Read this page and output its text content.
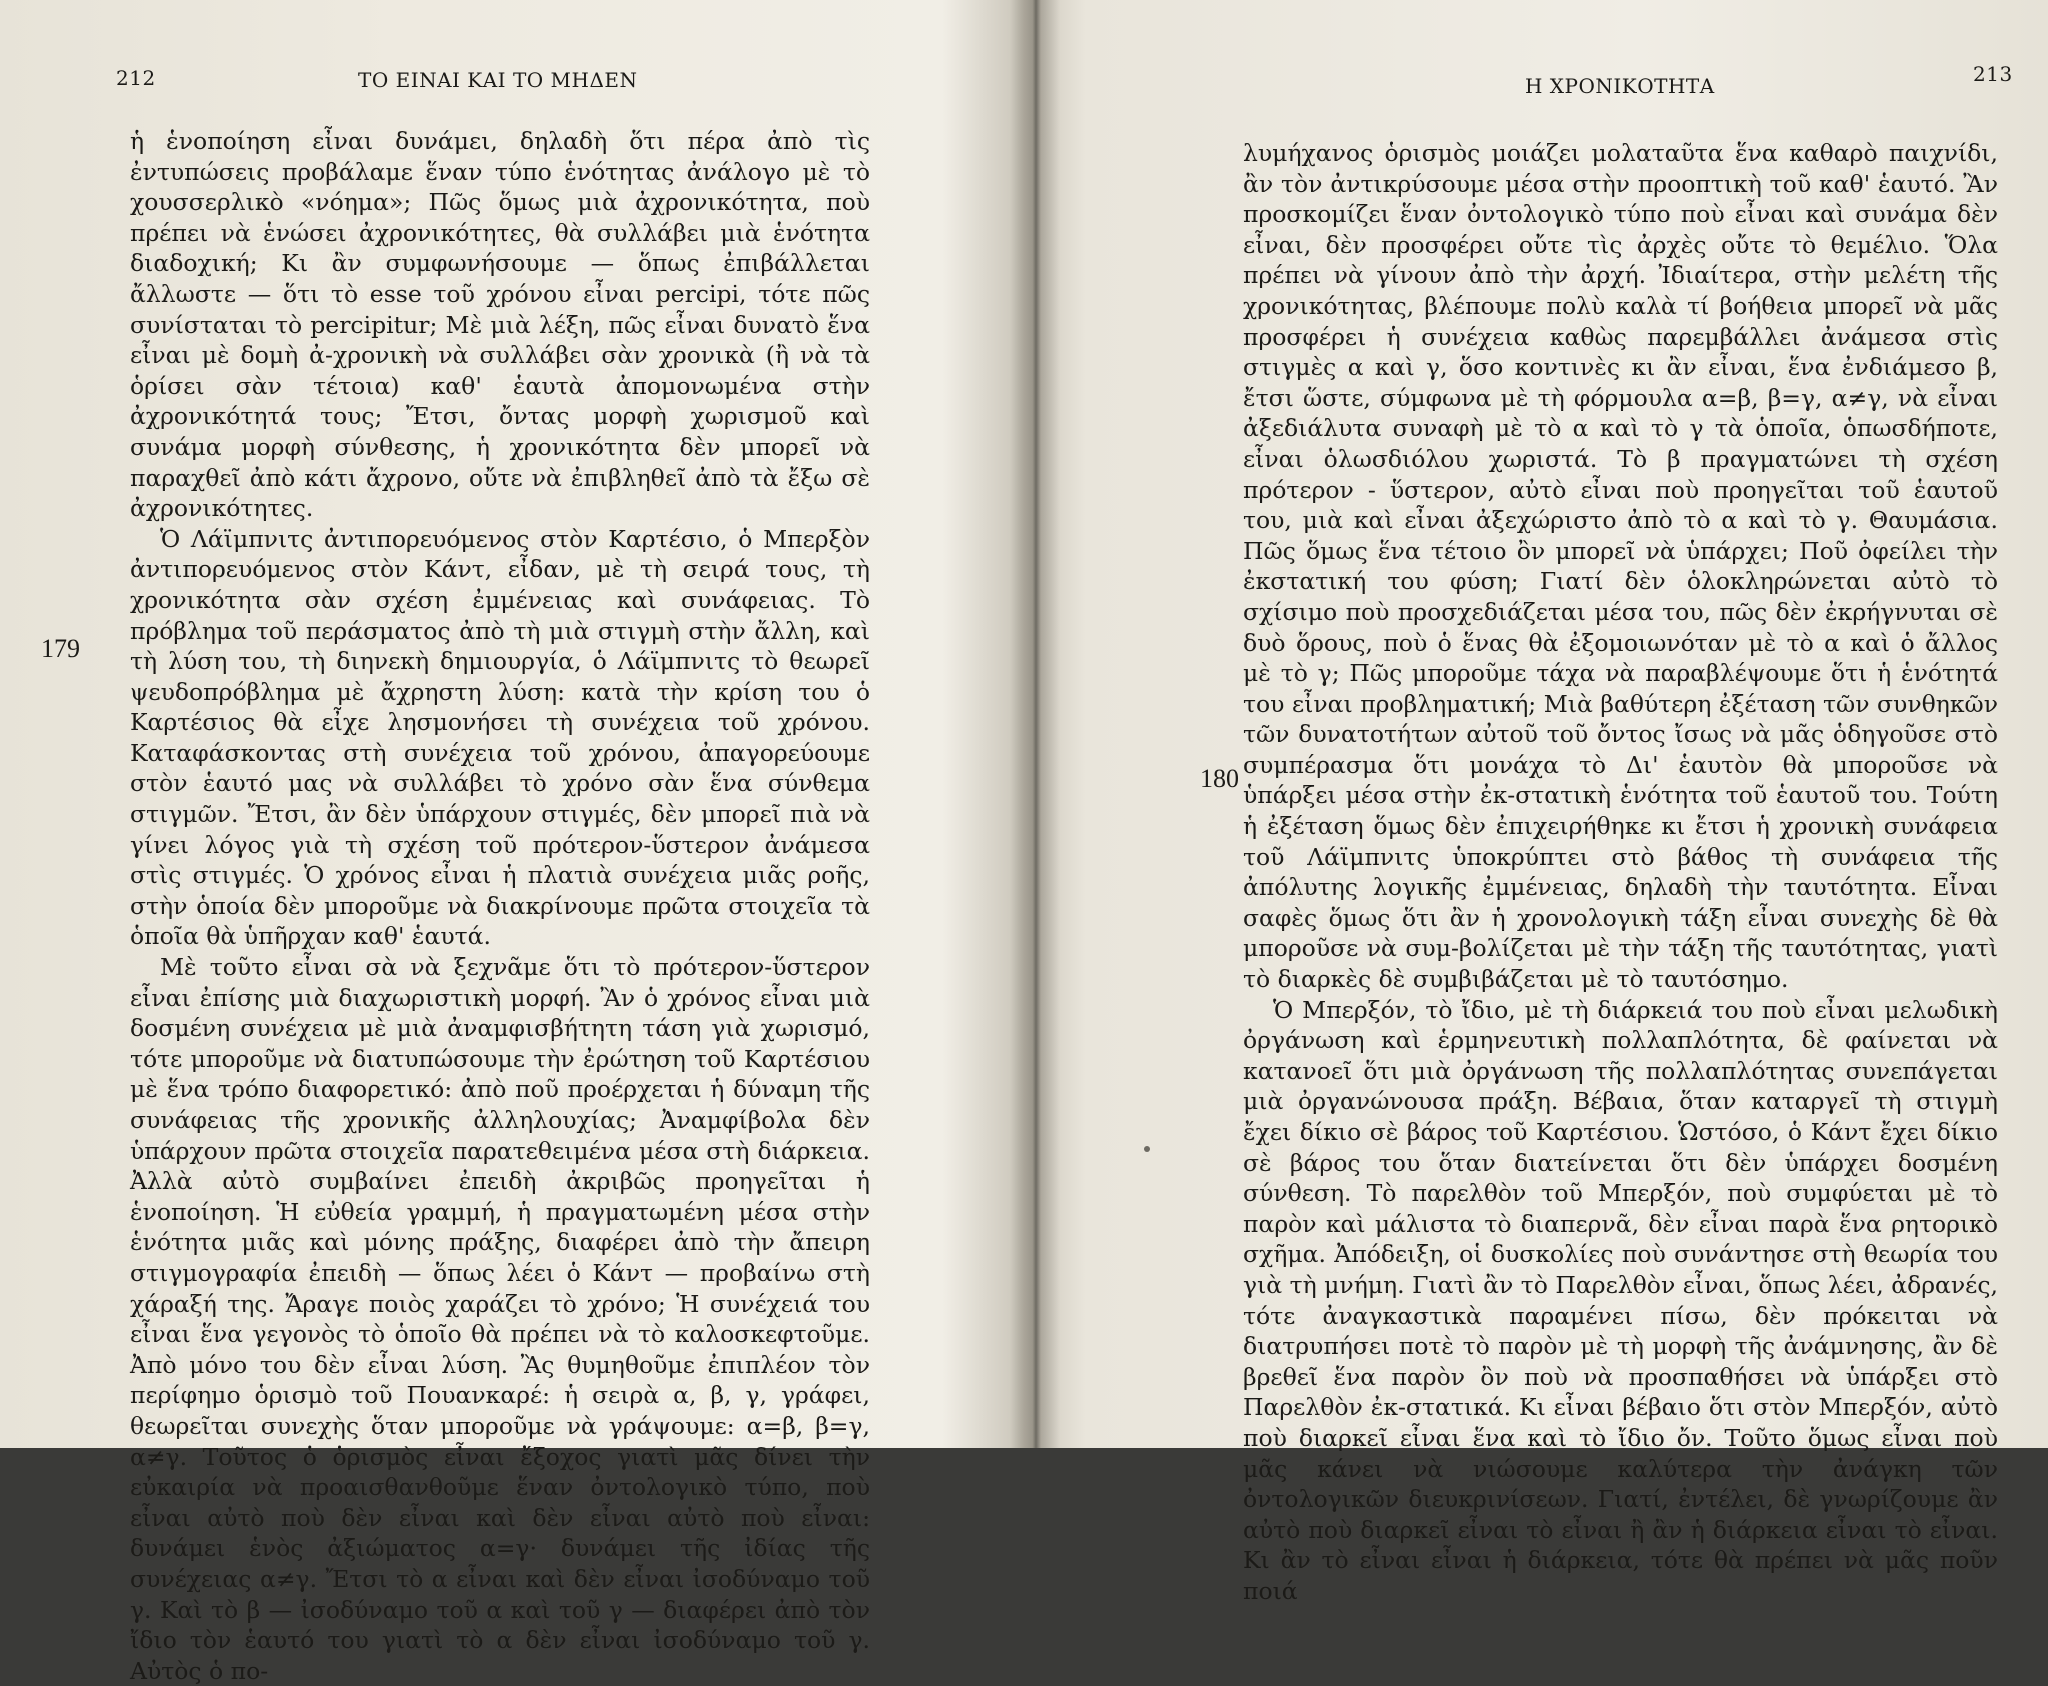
212	ΤΟ ΕΙΝΑΙ ΚΑΙ ΤΟ ΜΗΔΕΝ
179

ἡ ἑνοποίηση εἶναι δυνάμει, δηλαδὴ ὅτι πέρα ἀπὸ τὶς ἐντυπώσεις προβάλαμε ἕναν τύπο ἑνότητας ἀνάλογο μὲ τὸ χουσσερλικὸ «νόημα»; Πῶς ὅμως μιὰ ἀχρονικότητα, ποὺ πρέπει νὰ ἑνώσει ἀχρονικότητες, θὰ συλλάβει μιὰ ἑνότητα διαδοχική; Κι ἂν συμφωνήσουμε — ὅπως ἐπιβάλλεται ἄλλωστε — ὅτι τὸ esse τοῦ χρόνου εἶναι percipi, τότε πῶς συνίσταται τὸ percipitur; Μὲ μιὰ λέξη, πῶς εἶναι δυνατὸ ἕνα εἶναι μὲ δομὴ ἀ-χρονικὴ νὰ συλλάβει σὰν χρονικὰ (ἢ νὰ τὰ ὁρίσει σὰν τέτοια) καθ' ἑαυτὰ ἀπομονωμένα στὴν ἀχρονικότητά τους; Ἔτσι, ὄντας μορφὴ χωρισμοῦ καὶ συνάμα μορφὴ σύνθεσης, ἡ χρονικότητα δὲν μπορεῖ νὰ παραχθεῖ ἀπὸ κάτι ἄχρονο, οὔτε νὰ ἐπιβληθεῖ ἀπὸ τὰ ἔξω σὲ ἀχρονικότητες.

Ὁ Λάϊμπνιτς ἀντιπορευόμενος στὸν Καρτέσιο, ὁ Μπερξὸν ἀντιπορευόμενος στὸν Κάντ, εἶδαν, μὲ τὴ σειρά τους, τὴ χρονικότητα σὰν σχέση ἐμμένειας καὶ συνάφειας. Τὸ πρόβλημα τοῦ περάσματος ἀπὸ τὴ μιὰ στιγμὴ στὴν ἄλλη, καὶ τὴ λύση του, τὴ διηνεκὴ δημιουργία, ὁ Λάϊμπνιτς τὸ θεωρεῖ ψευδοπρόβλημα μὲ ἄχρηστη λύση: κατὰ τὴν κρίση του ὁ Καρτέσιος θὰ εἶχε λησμονήσει τὴ συνέχεια τοῦ χρόνου. Καταφάσκοντας στὴ συνέχεια τοῦ χρόνου, ἀπαγορεύουμε στὸν ἑαυτό μας νὰ συλλάβει τὸ χρόνο σὰν ἕνα σύνθεμα στιγμῶν. Ἔτσι, ἂν δὲν ὑπάρχουν στιγμές, δὲν μπορεῖ πιὰ νὰ γίνει λόγος γιὰ τὴ σχέση τοῦ πρότερον-ὕστερον ἀνάμεσα στὶς στιγμές. Ὁ χρόνος εἶναι ἡ πλατιὰ συνέχεια μιᾶς ροῆς, στὴν ὁποία δὲν μποροῦμε νὰ διακρίνουμε πρῶτα στοιχεῖα τὰ ὁποῖα θὰ ὑπῆρχαν καθ' ἑαυτά.

Μὲ τοῦτο εἶναι σὰ νὰ ξεχνᾶμε ὅτι τὸ πρότερον-ὕστερον εἶναι ἐπίσης μιὰ διαχωριστικὴ μορφή. Ἂν ὁ χρόνος εἶναι μιὰ δοσμένη συνέχεια μὲ μιὰ ἀναμφισβήτητη τάση γιὰ χωρισμό, τότε μποροῦμε νὰ διατυπώσουμε τὴν ἐρώτηση τοῦ Καρτέσιου μὲ ἕνα τρόπο διαφορετικό: ἀπὸ ποῦ προέρχεται ἡ δύναμη τῆς συνάφειας τῆς χρονικῆς ἀλληλουχίας; Ἀναμφίβολα δὲν ὑπάρχουν πρῶτα στοιχεῖα παρατεθειμένα μέσα στὴ διάρκεια. Ἀλλὰ αὐτὸ συμβαίνει ἐπειδὴ ἀκριβῶς προηγεῖται ἡ ἑνοποίηση. Ἡ εὐθεία γραμμή, ἡ πραγματωμένη μέσα στὴν ἑνότητα μιᾶς καὶ μόνης πράξης, διαφέρει ἀπὸ τὴν ἄπειρη στιγμογραφία ἐπειδὴ — ὅπως λέει ὁ Κάντ — προβαίνω στὴ χάραξή της. Ἄραγε ποιὸς χαράζει τὸ χρόνο; Ἡ συνέχειά του εἶναι ἕνα γεγονὸς τὸ ὁποῖο θὰ πρέπει νὰ τὸ καλοσκεφτοῦμε. Ἀπὸ μόνο του δὲν εἶναι λύση. Ἂς θυμηθοῦμε ἐπιπλέον τὸν περίφημο ὁρισμὸ τοῦ Πουανκαρέ: ἡ σειρὰ α, β, γ, γράφει, θεωρεῖται συνεχὴς ὅταν μποροῦμε νὰ γράψουμε: α=β, β=γ, α≠γ. Τοῦτος ὁ ὁρισμὸς εἶναι ἔξοχος γιατὶ μᾶς δίνει τὴν εὐκαιρία νὰ προαισθανθοῦμε ἕναν ὀντολογικὸ τύπο, ποὺ εἶναι αὐτὸ ποὺ δὲν εἶναι καὶ δὲν εἶναι αὐτὸ ποὺ εἶναι: δυνάμει ἑνὸς ἀξιώματος α=γ· δυνάμει τῆς ἰδίας τῆς συνέχειας α≠γ. Ἔτσι τὸ α εἶναι καὶ δὲν εἶναι ἰσοδύναμο τοῦ γ. Καὶ τὸ β — ἰσοδύναμο τοῦ α καὶ τοῦ γ — διαφέρει ἀπὸ τὸν ἴδιο τὸν ἑαυτό του γιατὶ τὸ α δὲν εἶναι ἰσοδύναμο τοῦ γ. Αὐτὸς ὁ πο-

Η ΧΡΟΝΙΚΟΤΗΤΑ	213
180

λυμήχανος ὁρισμὸς μοιάζει μολαταῦτα ἕνα καθαρὸ παιχνίδι, ἂν τὸν ἀντικρύσουμε μέσα στὴν προοπτικὴ τοῦ καθ' ἑαυτό. Ἂν προσκομίζει ἕναν ὀντολογικὸ τύπο ποὺ εἶναι καὶ συνάμα δὲν εἶναι, δὲν προσφέρει οὔτε τὶς ἀρχὲς οὔτε τὸ θεμέλιο. Ὅλα πρέπει νὰ γίνουν ἀπὸ τὴν ἀρχή. Ἰδιαίτερα, στὴν μελέτη τῆς χρονικότητας, βλέπουμε πολὺ καλὰ τί βοήθεια μπορεῖ νὰ μᾶς προσφέρει ἡ συνέχεια καθὼς παρεμβάλλει ἀνάμεσα στὶς στιγμὲς α καὶ γ, ὅσο κοντινὲς κι ἂν εἶναι, ἕνα ἐνδιάμεσο β, ἔτσι ὥστε, σύμφωνα μὲ τὴ φόρμουλα α=β, β=γ, α≠γ, νὰ εἶναι ἀξεδιάλυτα συναφὴ μὲ τὸ α καὶ τὸ γ τὰ ὁποῖα, ὁπωσδήποτε, εἶναι ὁλωσδιόλου χωριστά. Τὸ β πραγματώνει τὴ σχέση πρότερον - ὕστερον, αὐτὸ εἶναι ποὺ προηγεῖται τοῦ ἑαυτοῦ του, μιὰ καὶ εἶναι ἀξεχώριστο ἀπὸ τὸ α καὶ τὸ γ. Θαυμάσια. Πῶς ὅμως ἕνα τέτοιο ὂν μπορεῖ νὰ ὑπάρχει; Ποῦ ὀφείλει τὴν ἐκστατική του φύση; Γιατί δὲν ὁλοκληρώνεται αὐτὸ τὸ σχίσιμο ποὺ προσχεδιάζεται μέσα του, πῶς δὲν ἐκρήγνυται σὲ δυὸ ὅρους, ποὺ ὁ ἕνας θὰ ἐξομοιωνόταν μὲ τὸ α καὶ ὁ ἄλλος μὲ τὸ γ; Πῶς μποροῦμε τάχα νὰ παραβλέψουμε ὅτι ἡ ἑνότητά του εἶναι προβληματική; Μιὰ βαθύτερη ἐξέταση τῶν συνθηκῶν τῶν δυνατοτήτων αὐτοῦ τοῦ ὄντος ἴσως νὰ μᾶς ὁδηγοῦσε στὸ συμπέρασμα ὅτι μονάχα τὸ Δι' ἑαυτὸν θὰ μποροῦσε νὰ ὑπάρξει μέσα στὴν ἐκ-στατικὴ ἑνότητα τοῦ ἑαυτοῦ του. Τούτη ἡ ἐξέταση ὅμως δὲν ἐπιχειρήθηκε κι ἔτσι ἡ χρονικὴ συνάφεια τοῦ Λάϊμπνιτς ὑποκρύπτει στὸ βάθος τὴ συνάφεια τῆς ἀπόλυτης λογικῆς ἐμμένειας, δηλαδὴ τὴν ταυτότητα. Εἶναι σαφὲς ὅμως ὅτι ἂν ἡ χρονολογικὴ τάξη εἶναι συνεχὴς δὲ θὰ μποροῦσε νὰ συμ-βολίζεται μὲ τὴν τάξη τῆς ταυτότητας, γιατὶ τὸ διαρκὲς δὲ συμβιβάζεται μὲ τὸ ταυτόσημο.

Ὁ Μπερξόν, τὸ ἴδιο, μὲ τὴ διάρκειά του ποὺ εἶναι μελωδικὴ ὀργάνωση καὶ ἑρμηνευτικὴ πολλαπλότητα, δὲ φαίνεται νὰ κατανοεῖ ὅτι μιὰ ὀργάνωση τῆς πολλαπλότητας συνεπάγεται μιὰ ὀργανώνουσα πράξη. Βέβαια, ὅταν καταργεῖ τὴ στιγμὴ ἔχει δίκιο σὲ βάρος τοῦ Καρτέσιου. Ὡστόσο, ὁ Κάντ ἔχει δίκιο σὲ βάρος του ὅταν διατείνεται ὅτι δὲν ὑπάρχει δοσμένη σύνθεση. Τὸ παρελθὸν τοῦ Μπερξόν, ποὺ συμφύεται μὲ τὸ παρὸν καὶ μάλιστα τὸ διαπερνᾶ, δὲν εἶναι παρὰ ἕνα ρητορικὸ σχῆμα. Ἀπόδειξη, οἱ δυσκολίες ποὺ συνάντησε στὴ θεωρία του γιὰ τὴ μνήμη. Γιατὶ ἂν τὸ Παρελθὸν εἶναι, ὅπως λέει, ἀδρανές, τότε ἀναγκαστικὰ παραμένει πίσω, δὲν πρόκειται νὰ διατρυπήσει ποτὲ τὸ παρὸν μὲ τὴ μορφὴ τῆς ἀνάμνησης, ἂν δὲ βρεθεῖ ἕνα παρὸν ὂν ποὺ νὰ προσπαθήσει νὰ ὑπάρξει στὸ Παρελθὸν ἐκ-στατικά. Κι εἶναι βέβαιο ὅτι στὸν Μπερξόν, αὐτὸ ποὺ διαρκεῖ εἶναι ἕνα καὶ τὸ ἴδιο ὄν. Τοῦτο ὅμως εἶναι ποὺ μᾶς κάνει νὰ νιώσουμε καλύτερα τὴν ἀνάγκη τῶν ὀντολογικῶν διευκρινίσεων. Γιατί, ἐντέλει, δὲ γνωρίζουμε ἂν αὐτὸ ποὺ διαρκεῖ εἶναι τὸ εἶναι ἢ ἂν ἡ διάρκεια εἶναι τὸ εἶναι. Κι ἂν τὸ εἶναι εἶναι ἡ διάρκεια, τότε θὰ πρέπει νὰ μᾶς ποῦν ποιά
